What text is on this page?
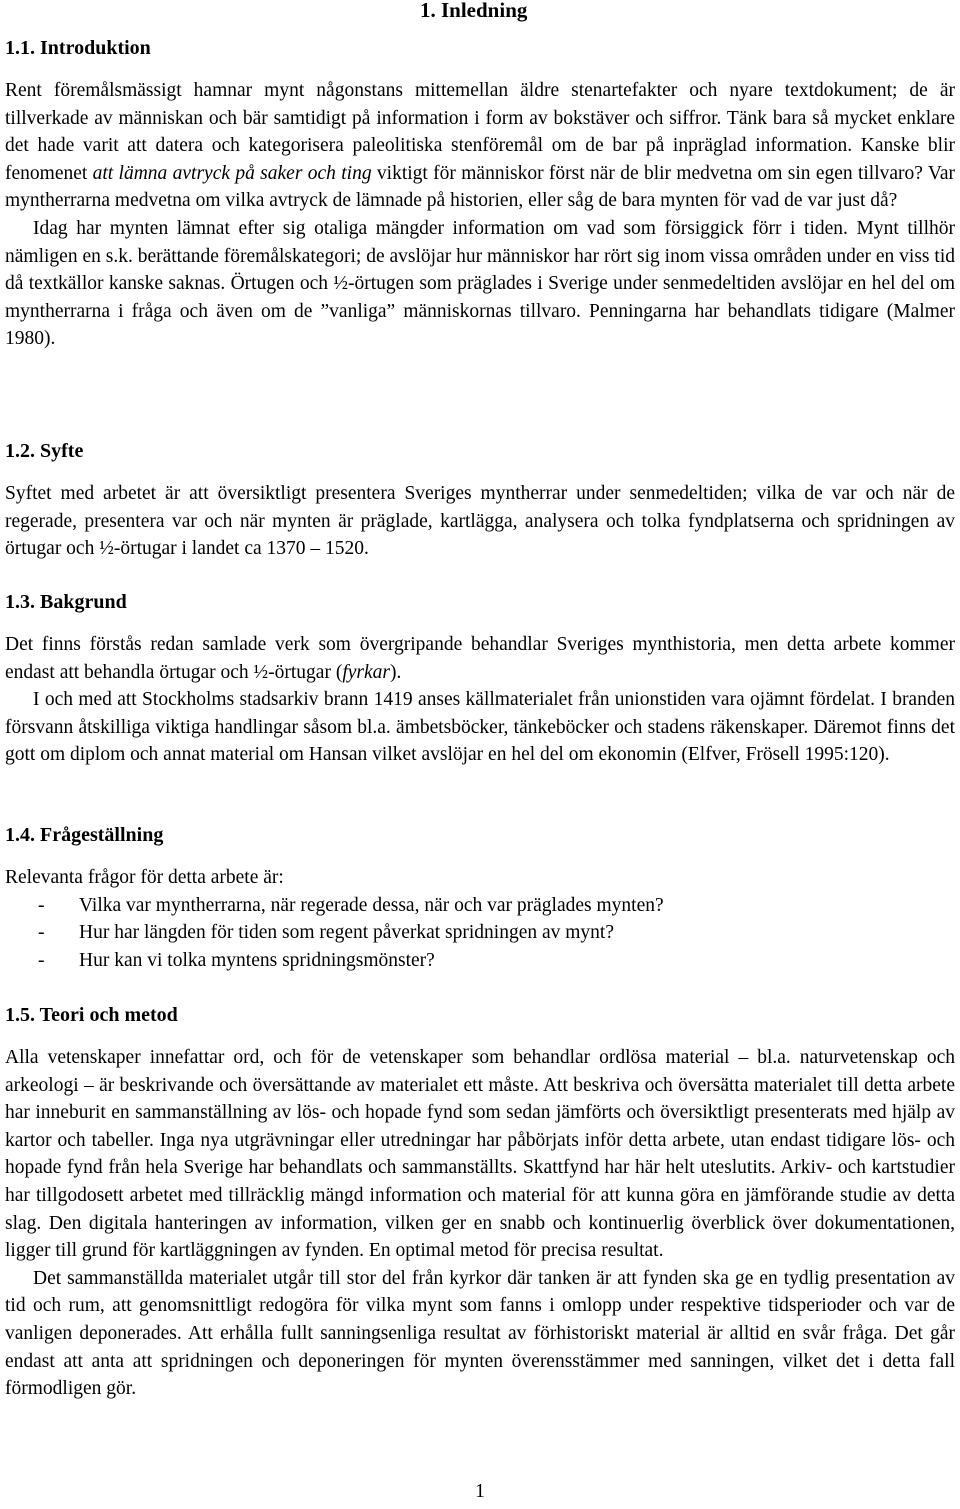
1. Inledning
1.1. Introduktion

Rent föremålsmässigt hamnar mynt någonstans mittemellan äldre stenartefakter och nyare textdokument; de är tillverkade av människan och bär samtidigt på information i form av bokstäver och siffror. Tänk bara så mycket enklare det hade varit att datera och kategorisera paleolitiska stenföremål om de bar på inpräglad information. Kanske blir fenomenet att lämna avtryck på saker och ting viktigt för människor först när de blir medvetna om sin egen tillvaro? Var myntherrarna medvetna om vilka avtryck de lämnade på historien, eller såg de bara mynten för vad de var just då?

Idag har mynten lämnat efter sig otaliga mängder information om vad som försiggick förr i tiden. Mynt tillhör nämligen en s.k. berättande föremålskategori; de avslöjar hur människor har rört sig inom vissa områden under en viss tid då textkällor kanske saknas. Örtugen och ½-örtugen som präglades i Sverige under senmedeltiden avslöjar en hel del om myntherrarna i fråga och även om de ”vanliga” människornas tillvaro. Penningarna har behandlats tidigare (Malmer 1980).

1.2. Syfte

Syftet med arbetet är att översiktligt presentera Sveriges myntherrar under senmedeltiden; vilka de var och när de regerade, presentera var och när mynten är präglade, kartlägga, analysera och tolka fyndplatserna och spridningen av örtugar och ½-örtugar i landet ca 1370 – 1520.

1.3. Bakgrund

Det finns förstås redan samlade verk som övergripande behandlar Sveriges mynthistoria, men detta arbete kommer endast att behandla örtugar och ½-örtugar (fyrkar).

I och med att Stockholms stadsarkiv brann 1419 anses källmaterialet från unionstiden vara ojämnt fördelat. I branden försvann åtskilliga viktiga handlingar såsom bl.a. ämbetsböcker, tänkeböcker och stadens räkenskaper. Däremot finns det gott om diplom och annat material om Hansan vilket avslöjar en hel del om ekonomin (Elfver, Frösell 1995:120).

1.4. Frågeställning

Relevanta frågor för detta arbete är:

- Vilka var myntherrarna, när regerade dessa, när och var präglades mynten?
- Hur har längden för tiden som regent påverkat spridningen av mynt?
- Hur kan vi tolka myntens spridningsmönster?
1.5. Teori och metod

Alla vetenskaper innefattar ord, och för de vetenskaper som behandlar ordlösa material – bl.a. naturvetenskap och arkeologi – är beskrivande och översättande av materialet ett måste. Att beskriva och översätta materialet till detta arbete har inneburit en sammanställning av lös- och hopade fynd som sedan jämförts och översiktligt presenterats med hjälp av kartor och tabeller. Inga nya utgrävningar eller utredningar har påbörjats inför detta arbete, utan endast tidigare lös- och hopade fynd från hela Sverige har behandlats och sammanställts. Skattfynd har här helt uteslutits. Arkiv- och kartstudier har tillgodosett arbetet med tillräcklig mängd information och material för att kunna göra en jämförande studie av detta slag. Den digitala hanteringen av information, vilken ger en snabb och kontinuerlig överblick över dokumentationen, ligger till grund för kartläggningen av fynden. En optimal metod för precisa resultat.

Det sammanställda materialet utgår till stor del från kyrkor där tanken är att fynden ska ge en tydlig presentation av tid och rum, att genomsnittligt redogöra för vilka mynt som fanns i omlopp under respektive tidsperioder och var de vanligen deponerades. Att erhålla fullt sanningsenliga resultat av förhistoriskt material är alltid en svår fråga. Det går endast att anta att spridningen och deponeringen för mynten överensstämmer med sanningen, vilket det i detta fall förmodligen gör.

1
